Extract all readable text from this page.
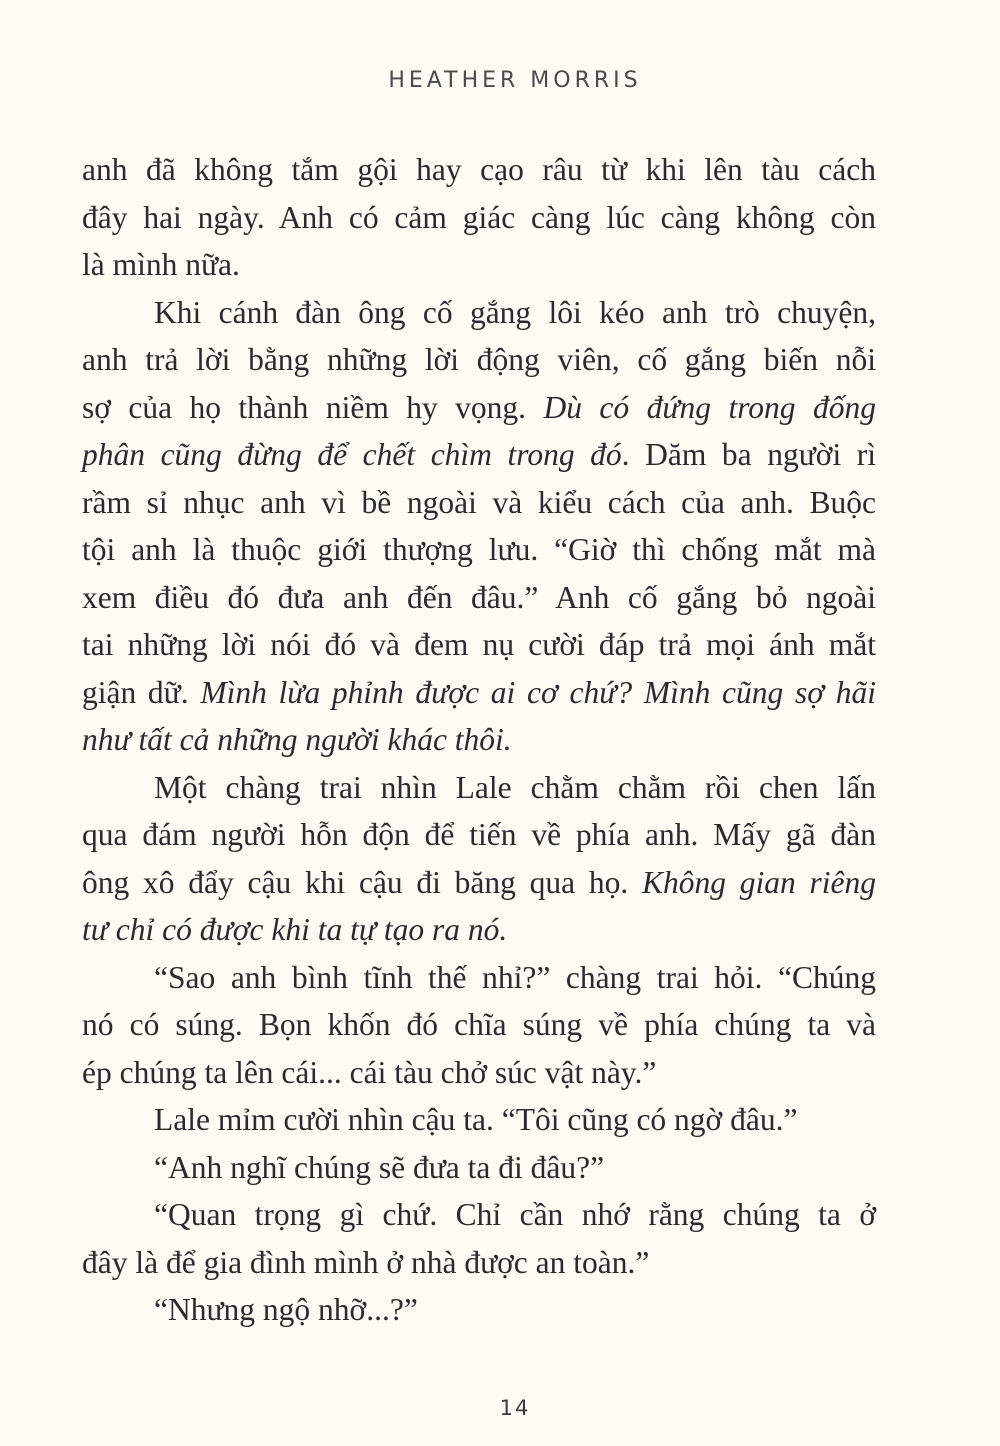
HEATHER MORRIS
anh đã không tắm gội hay cạo râu từ khi lên tàu cách
đây hai ngày. Anh có cảm giác càng lúc càng không còn
là mình nữa.
Khi cánh đàn ông cố gắng lôi kéo anh trò chuyện,
anh trả lời bằng những lời động viên, cố gắng biến nỗi
sợ của họ thành niềm hy vọng. Dù có đứng trong đống
phân cũng đừng để chết chìm trong đó. Dăm ba người rì
rầm sỉ nhục anh vì bề ngoài và kiểu cách của anh. Buộc
tội anh là thuộc giới thượng lưu. “Giờ thì chống mắt mà
xem điều đó đưa anh đến đâu.” Anh cố gắng bỏ ngoài
tai những lời nói đó và đem nụ cười đáp trả mọi ánh mắt
giận dữ. Mình lừa phỉnh được ai cơ chứ? Mình cũng sợ hãi
như tất cả những người khác thôi.
Một chàng trai nhìn Lale chằm chằm rồi chen lấn
qua đám người hỗn độn để tiến về phía anh. Mấy gã đàn
ông xô đẩy cậu khi cậu đi băng qua họ. Không gian riêng
tư chỉ có được khi ta tự tạo ra nó.
“Sao anh bình tĩnh thế nhỉ?” chàng trai hỏi. “Chúng
nó có súng. Bọn khốn đó chĩa súng về phía chúng ta và
ép chúng ta lên cái... cái tàu chở súc vật này.”
Lale mỉm cười nhìn cậu ta. “Tôi cũng có ngờ đâu.”
“Anh nghĩ chúng sẽ đưa ta đi đâu?”
“Quan trọng gì chứ. Chỉ cần nhớ rằng chúng ta ở
đây là để gia đình mình ở nhà được an toàn.”
“Nhưng ngộ nhỡ...?”
14
